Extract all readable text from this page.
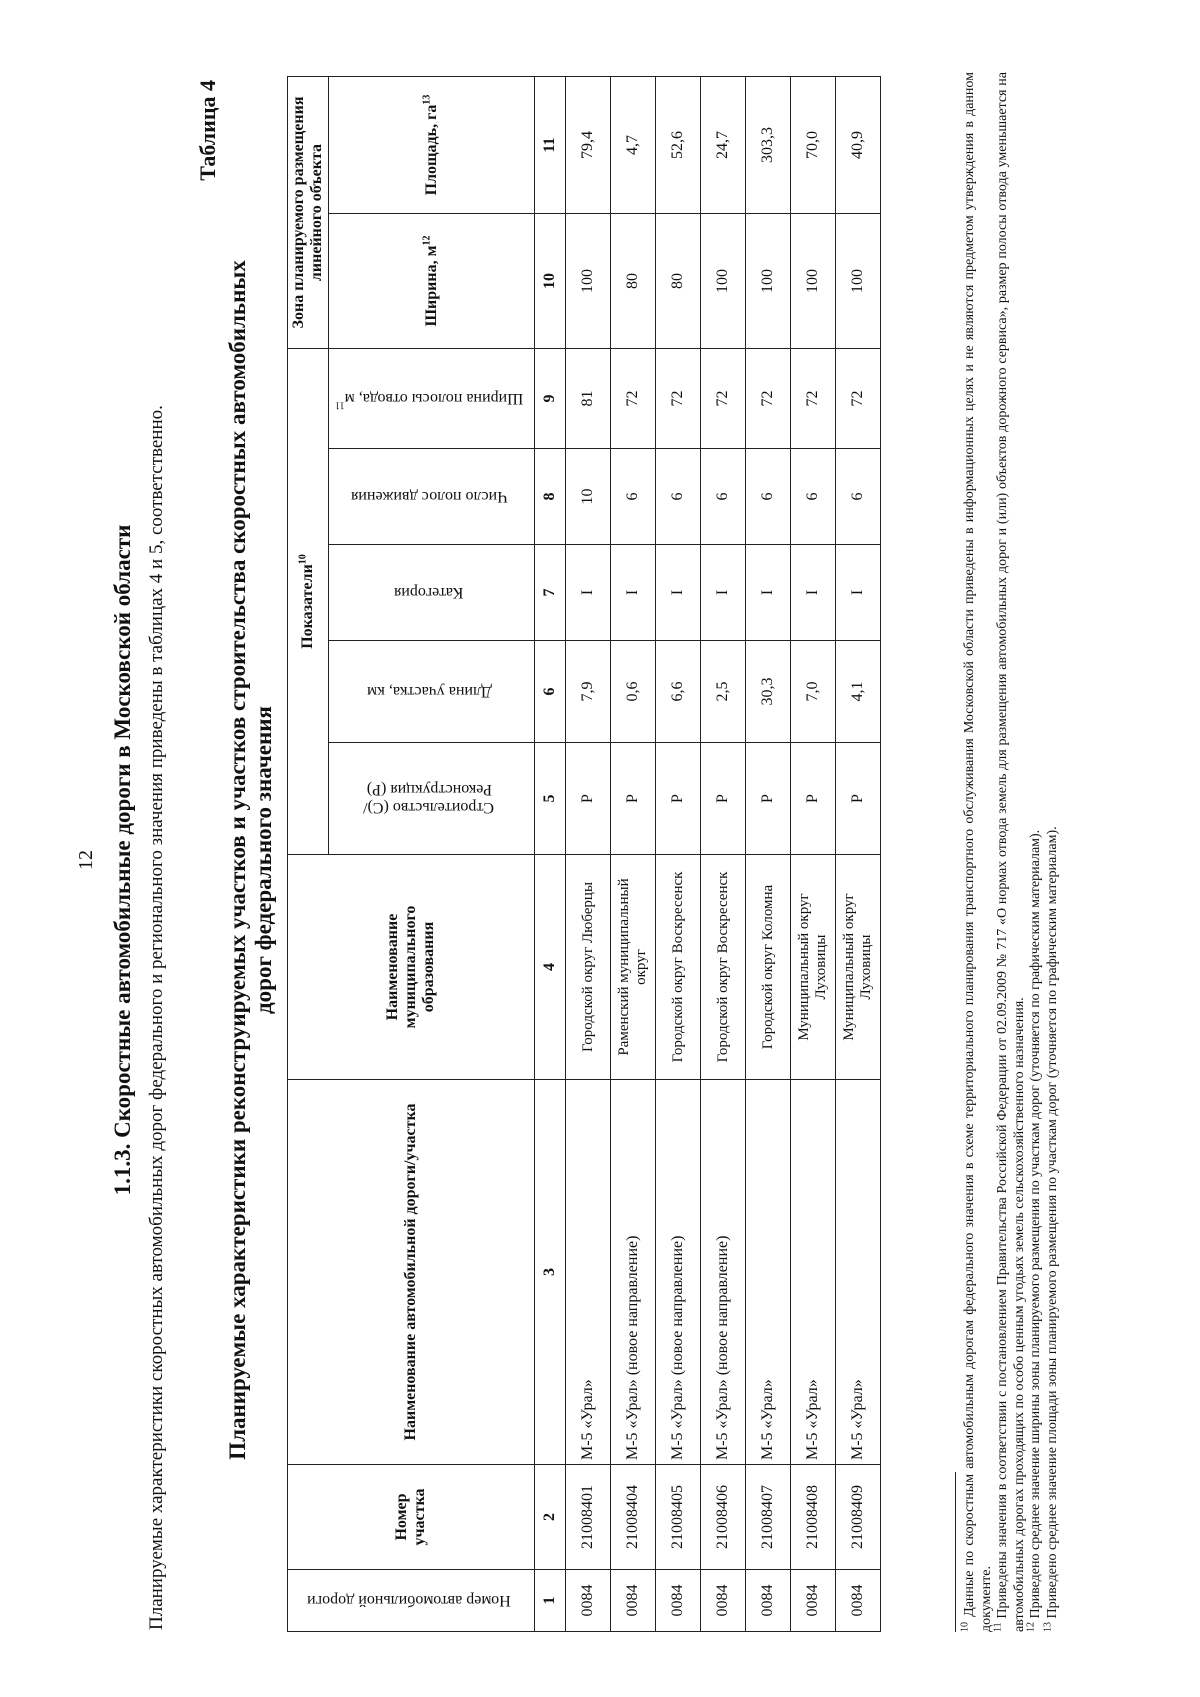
12 1.1.3. Скоростные автомобильные дороги в Московской области Планируемые характеристики скоростных автомобильных дорог федерального и регионального значения приведены в таблицах 4 и 5, соответственно.
Таблица 4
Планируемые характеристики реконструируемых участков и участков строительства скоростных автомобильных дорог федерального значения
Номер автомобильной дороги	Номер участка	Наименование автомобильной дороги/участка	Наименование муниципального образования	Показатели$^{10}$					Зона планируемого размещения линейного объекта	
				Строительство (С)/ Реконструкция (Р)	Длина участка, км	Категория	Число полос движения	Ширина полосы отвода, $м^{11}$	Ширина, $м^{12}$	Площадь, $га^{13}$
1	2	3	4	5	6	7	8	9	10	11
0084	21008401	М-5 «Урал»	Городской округ Люберцы	Р	7,9	I	10	81	100	79,4
0084	21008404	М-5 «Урал» (новое направление)	Раменский муниципальный округ	Р	0,6	I	6	72	80	4,7
0084	21008405	М-5 «Урал» (новое направление)	Городской округ Воскресенск	Р	6,6	I	6	72	80	52,6
0084	21008406	М-5 «Урал» (новое направление)	Городской округ Воскресенск	Р	2,5	I	6	72	100	24,7
0084	21008407	М-5 «Урал»	Городской округ Коломна	Р	30,3	I	6	72	100	303,3
0084	21008408	М-5 «Урал»	Муниципальный округ Луховицы	Р	7,0	I	6	72	100	70,0
0084	21008409	М-5 «Урал»	Муниципальный округ Луховицы	Р	4,1	I	6	72	100	40,9
$^{10}$ Данные по скоростным автомобильным дорогам федерального значения в схеме территориального планирования транспортного обслуживания Московской области приведены в информационных целях и не являются предметом утверждения в данном документе.
$^{11}$ Приведены значения в соответствии с постановлением Правительства Российской Федерации от 02.09.2009 № 717 «О нормах отвода земель для размещения автомобильных дорог и (или) объектов дорожного сервиса», размер полосы отвода уменьшается на автомобильных дорогах проходящих по особо ценным угодьях земель сельскохозяйственного назначения.
$^{12}$ Приведено среднее значение ширины зоны планируемого размещения по участкам дорог (уточняется по графическим материалам).
$^{13}$ Приведено среднее значение площади зоны планируемого размещения по участкам дорог (уточняется по графическим материалам).
